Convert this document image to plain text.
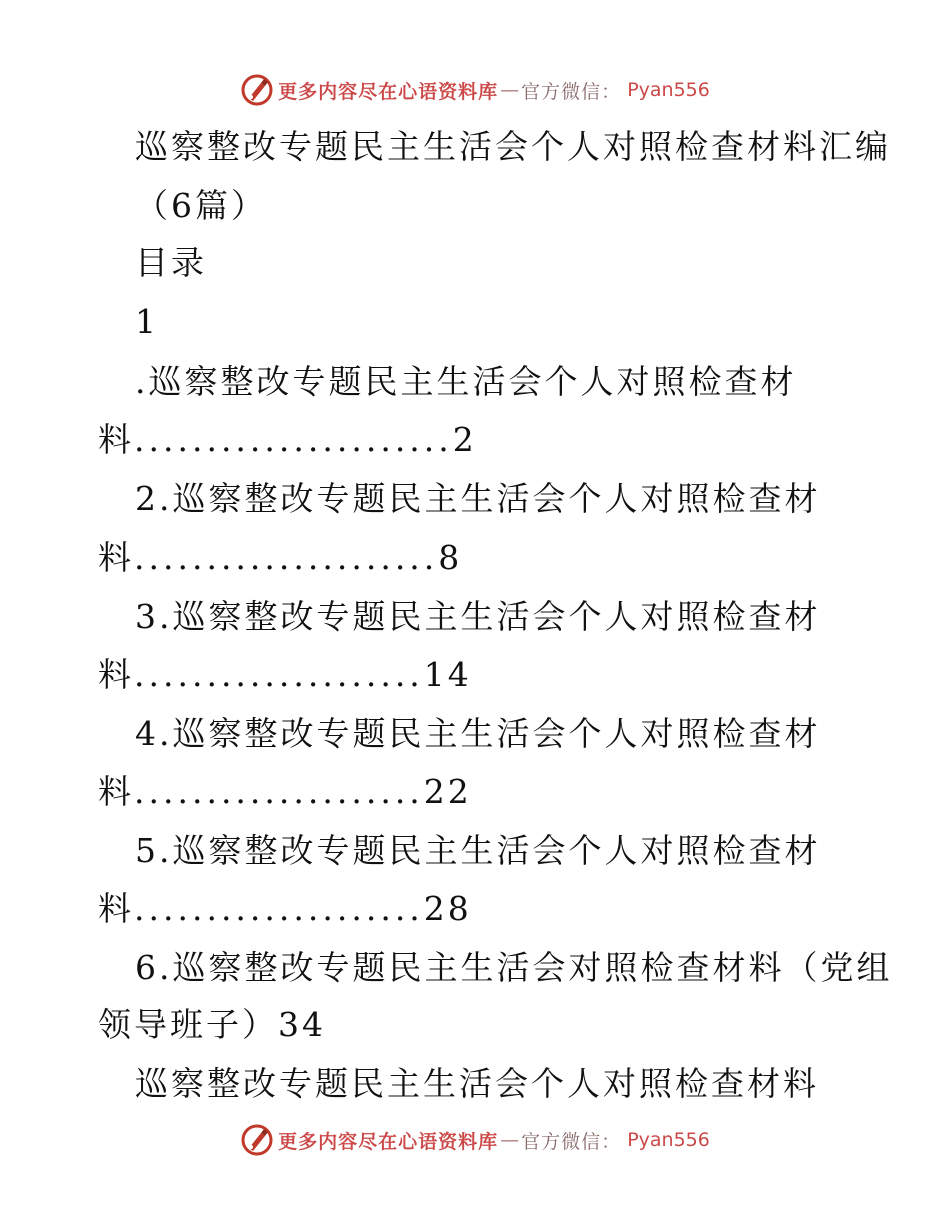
更多内容尽在心语资料库 — 官方微信： Pyan556
巡察整改专题民主生活会个人对照检查材料汇编
（6篇）
目录
1
.巡察整改专题民主生活会个人对照检查材
料......................2
2.巡察整改专题民主生活会个人对照检查材
料.....................8
3.巡察整改专题民主生活会个人对照检查材
料....................14
4.巡察整改专题民主生活会个人对照检查材
料....................22
5.巡察整改专题民主生活会个人对照检查材
料....................28
6.巡察整改专题民主生活会对照检查材料（党组
领导班子）34
巡察整改专题民主生活会个人对照检查材料
更多内容尽在心语资料库 — 官方微信： Pyan556
